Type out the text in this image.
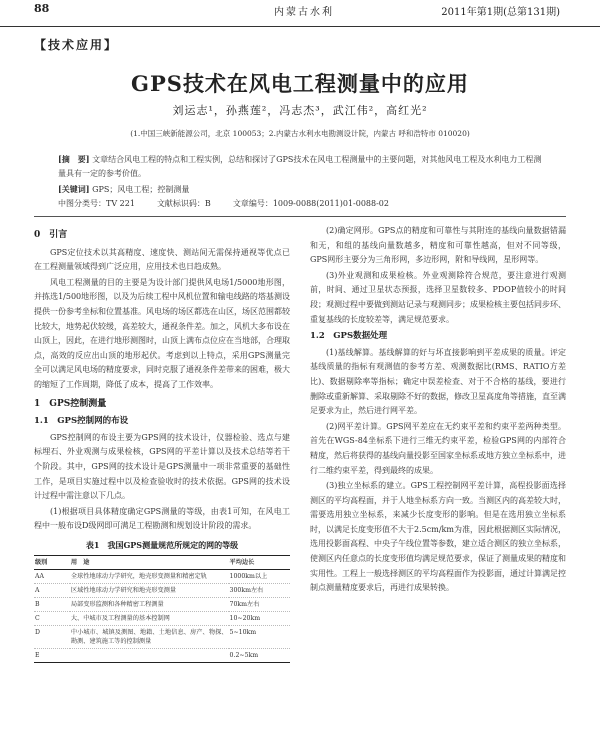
88	内蒙古水利	2011年第1期(总第131期)
【技术应用】
GPS技术在风电工程测量中的应用
刘运志¹，孙燕莲²，冯志杰³，武江伟²，高红光²
(1.中国三峡新能源公司，北京 100053；2.内蒙古水利水电勘测设计院，内蒙古 呼和浩特市 010020)
[摘　要] 文章结合风电工程的特点和工程实例，总结和探讨了GPS技术在风电工程测量中的主要问题，对其他风电工程及水利电力工程测量具有一定的参考价值。
[关键词] GPS；风电工程；控制测量
中图分类号：TV 221	文献标识码：B	文章编号：1009-0088(2011)01-0088-02
0　引言

GPS定位技术以其高精度、速度快、测站间无需保持通视等优点已在工程测量领域得到广泛应用，应用技术也日趋成熟。

风电工程测量的目的主要是为设计部门提供风电场1/5000地形图，并拣选1/500地形图，以及为后续工程中风机位置和输电线路的塔基测设提供一份参考坐标和位置基准。风电场的场区都选在山区，场区范围都较比较大，地势起伏较缓，高差较大，通视条件差。加之，风机大多布设在山顶上，因此，在进行地形测图时，山顶上满布点位应在当地部，合理取点，高效的反应出山顶的地形起伏。考虑到以上特点，采用GPS测量完全可以满足风电场的精度要求，同时克服了通视条件差带来的困难，极大的缩短了工作周期，降低了成本，提高了工作效率。

1　GPS控制测量
1.1　GPS控制网的布设

GPS控制网的布设主要为GPS网的技术设计，仪器检验、选点与建标埋石、外业观测与成果检核，GPS网的平差计算以及技术总结等若干个阶段。其中，GPS网的技术设计是GPS测量中一项非常重要的基础性工作，是项目实施过程中以及检查验收时的技术依据。GPS网的技术设计过程中需注意以下几点。

(1)根据项目具体精度确定GPS测量的等级，由表1可知，在风电工程中一般布设D级网即可满足工程勘测和规划设计阶段的需求。

表1　我国GPS测量规范所规定的网的等级
级别	用　途	平均边长
AA	全球性地球动力学研究，地壳形变测量和精密定轨	1000km以上
A	区域性地球动力学研究和地壳形变测量	300km左右
B	局部变形监测和各种精密工程测量	70km左右
C	大、中城市及工程测量的基本控制网	10~20km
D	中小城市、城镇及测图、地籍、土地信息、房产、物探、勘测、建筑施工等的控制测量	5~10km
E		0.2~5km

(2)确定网形。GPS点的精度和可靠性与其附连的基线向量数据错漏和无，和组的基线向量数越多，精度和可靠性越高，但对不同等级，GPS网形主要分为三角形网，多边形网，附和导线网，星形网等。

(3)外业观测和成果检核。外业观测除符合规范，要注意进行观测前，时间、通过卫星状态预报，选择卫星数较多、PDOP值较小的时间段；观测过程中要做到测站记录与观测同步；成果检核主要包括同步环、重复基线的长度较差等，满足规范要求。

1.2　GPS数据处理

(1)基线解算。基线解算的好与坏直接影响到平差成果的质量。评定基线质量的指标有观测值的参考方差、观测数据比(RMS、RATIO方差比)、数据剔除率等指标；确定中误差检查、对于不合格的基线，要进行删除或重新解算、采取剔除不好的数据，修改卫星高度角等措施，直至满足要求为止，然后进行网平差。

(2)网平差计算。GPS网平差应在无约束平差和约束平差两种类型。首先在WGS-84坐标系下进行三维无约束平差，检验GPS网的内部符合精度，然后将获得的基线向量投影至国家坐标系或地方独立坐标系中，进行二维约束平差，得到最终的成果。

(3)独立坐标系的建立。GPS工程控制网平差计算，高程投影面选择测区的平均高程面，并于人地坐标系方向一致。当测区内的高差较大时，需要选用独立坐标系，来减少长度变形的影响。但是在选用独立坐标系时，以满足长度变形值不大于2.5cm/km为准，因此根据测区实际情况，选用投影面高程、中央子午线位置等参数，建立适合测区的独立坐标系，使测区内任意点的长度变形值均满足规范要求，保证了测量成果的精度和实用性。工程上一般选择测区的平均高程面作为投影面，通过计算满足控制点测量精度要求后，再进行成果转换。
